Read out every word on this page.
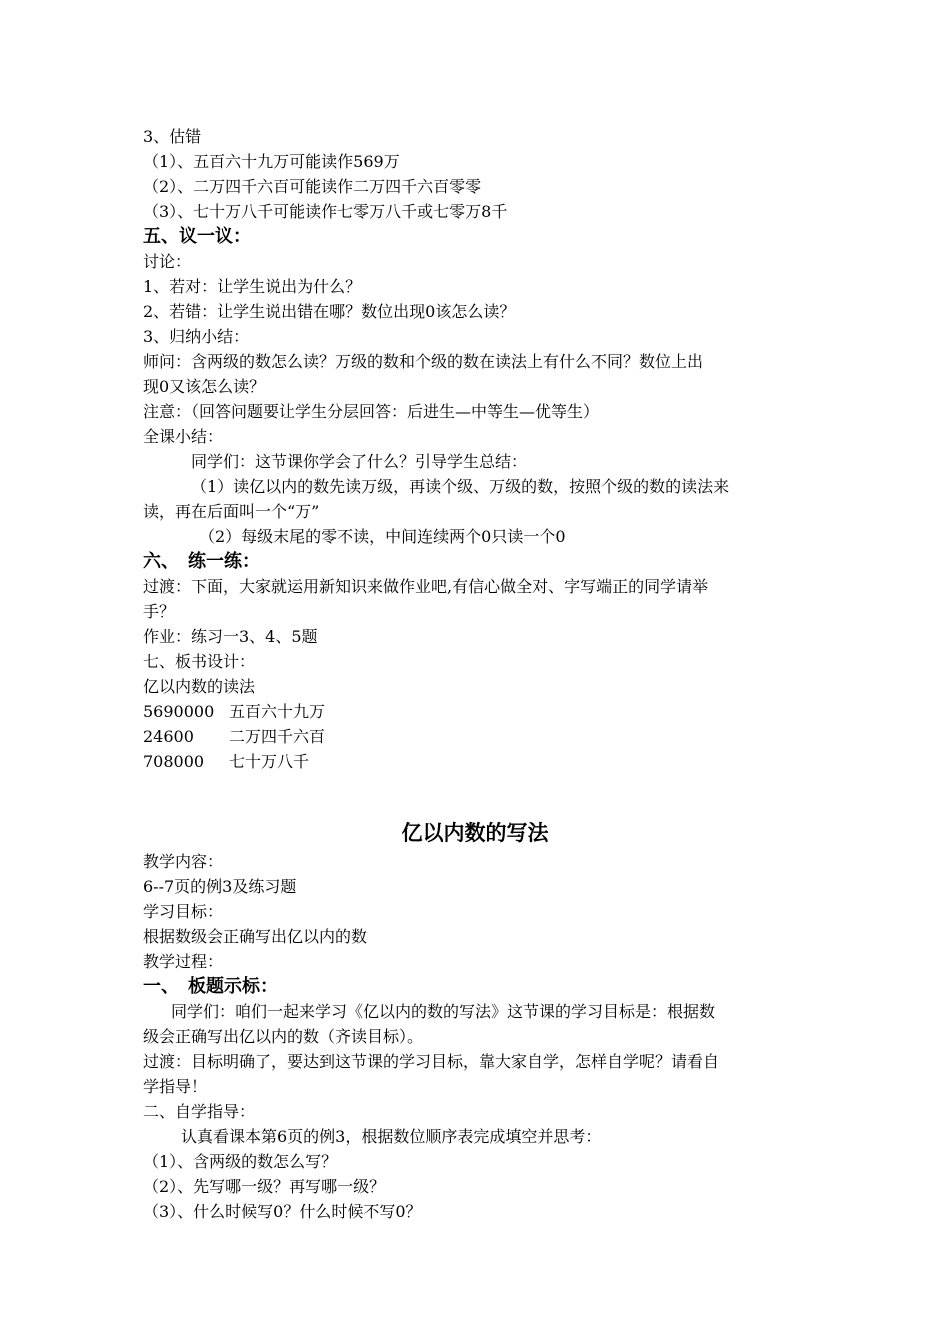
3、估错
（1）、五百六十九万可能读作569万
（2）、二万四千六百可能读作二万四千六百零零
（3）、七十万八千可能读作七零万八千或七零万8千
五、议一议：
讨论：
1、若对：让学生说出为什么？
2、若错：让学生说出错在哪？数位出现0该怎么读？
3、归纳小结：
师问：含两级的数怎么读？万级的数和个级的数在读法上有什么不同？数位上出
现0又该怎么读？
注意：（回答问题要让学生分层回答：后进生—中等生—优等生）
全课小结：
同学们：这节课你学会了什么？引导学生总结：
（1）读亿以内的数先读万级，再读个级、万级的数，按照个级的数的读法来
读，再在后面叫一个“万”
（2）每级末尾的零不读，中间连续两个0只读一个0
六、　练一练：
过渡：下面，大家就运用新知识来做作业吧,有信心做全对、字写端正的同学请举
手？
作业：练习一3、4、5题
七、板书设计：
亿以内数的读法
5690000 五百六十九万
24600 二万四千六百
708000 七十万八千
亿以内数的写法
教学内容：
6--7页的例3及练习题
学习目标：
根据数级会正确写出亿以内的数
教学过程：
一、　板题示标：
同学们：咱们一起来学习《亿以内的数的写法》这节课的学习目标是：根据数
级会正确写出亿以内的数（齐读目标）。
过渡：目标明确了，要达到这节课的学习目标，靠大家自学，怎样自学呢？请看自
学指导！
二、自学指导：
认真看课本第6页的例3，根据数位顺序表完成填空并思考：
（1）、含两级的数怎么写？
（2）、先写哪一级？再写哪一级？
（3）、什么时候写0？什么时候不写0？
